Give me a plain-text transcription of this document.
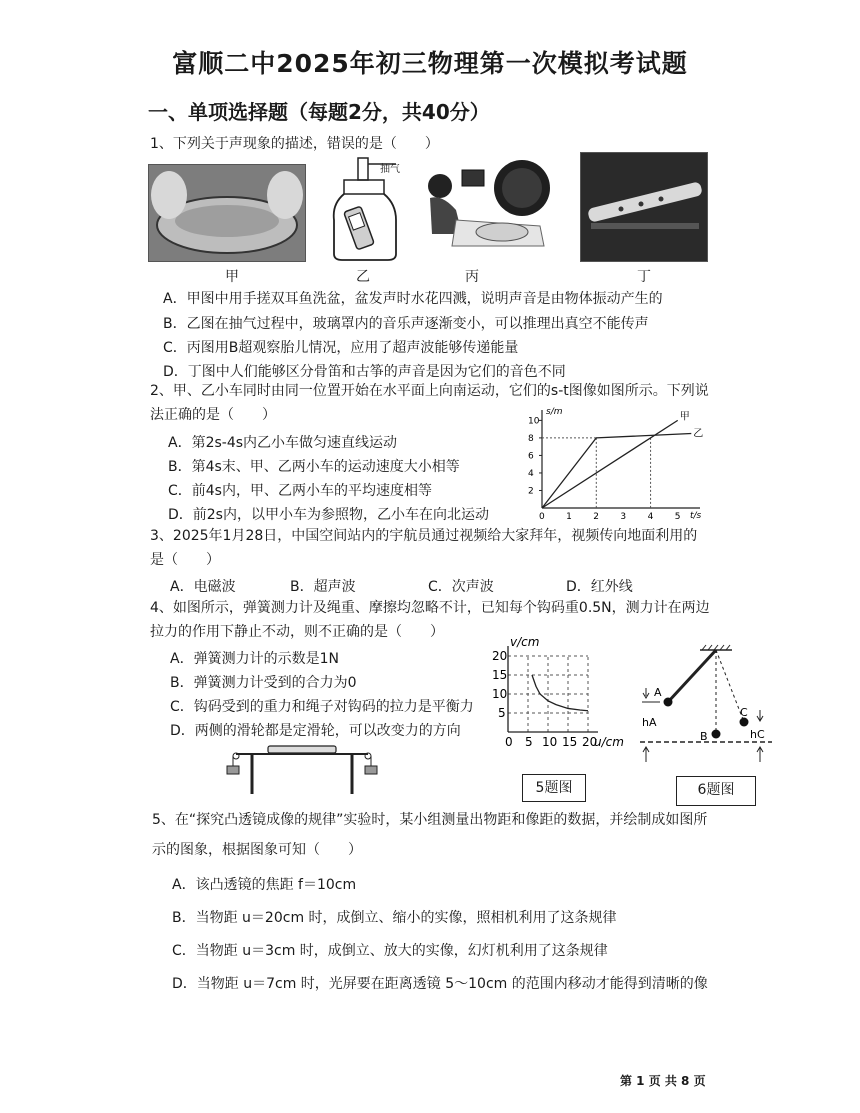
富顺二中2025年初三物理第一次模拟考试题
一、单项选择题（每题2分，共40分）
1、下列关于声现象的描述，错误的是（　　）
甲
抽气
乙	丙	丁
A．甲图中用手搓双耳鱼洗盆，盆发声时水花四溅，说明声音是由物体振动产生的
B．乙图在抽气过程中，玻璃罩内的音乐声逐渐变小，可以推理出真空不能传声
C．丙图用B超观察胎儿情况，应用了超声波能够传递能量
D．丁图中人们能够区分骨笛和古筝的声音是因为它们的音色不同
2、甲、乙小车同时由同一位置开始在水平面上向南运动，它们的s-t图像如图所示。下列说
法正确的是（　　）
A．第2s-4s内乙小车做匀速直线运动
B．第4s末、甲、乙两小车的运动速度大小相等
C．前4s内，甲、乙两小车的平均速度相等
D．前2s内，以甲小车为参照物，乙小车在向北运动	0 1 2 3 4 5
2
4
6
8
10	甲
乙
t/s
s/m
3、2025年1月28日，中国空间站内的宇航员通过视频给大家拜年，视频传向地面利用的
是（　　）
A．电磁波	B．超声波	C．次声波	D．红外线
4、如图所示，弹簧测力计及绳重、摩擦均忽略不计，已知每个钩码重0.5N，测力计在两边
拉力的作用下静止不动，则不正确的是（　　）
A．弹簧测力计的示数是1N
B．弹簧测力计受到的合力为0
C．钩码受到的重力和绳子对钩码的拉力是平衡力
D．两侧的滑轮都是定滑轮，可以改变力的方向
0 5 10 15 20
5
10
15
20
u/cm
v/cm
5题图
A
B
C
hA
hC
6题图
5、在“探究凸透镜成像的规律”实验时，某小组测量出物距和像距的数据，并绘制成如图所
示的图象，根据图象可知（　　）
A．该凸透镜的焦距 f＝10cm
B．当物距 u＝20cm 时，成倒立、缩小的实像，照相机利用了这条规律
C．当物距 u＝3cm 时，成倒立、放大的实像，幻灯机利用了这条规律
D．当物距 u＝7cm 时，光屏要在距离透镜 5～10cm 的范围内移动才能得到清晰的像
第 1 页 共 8 页
